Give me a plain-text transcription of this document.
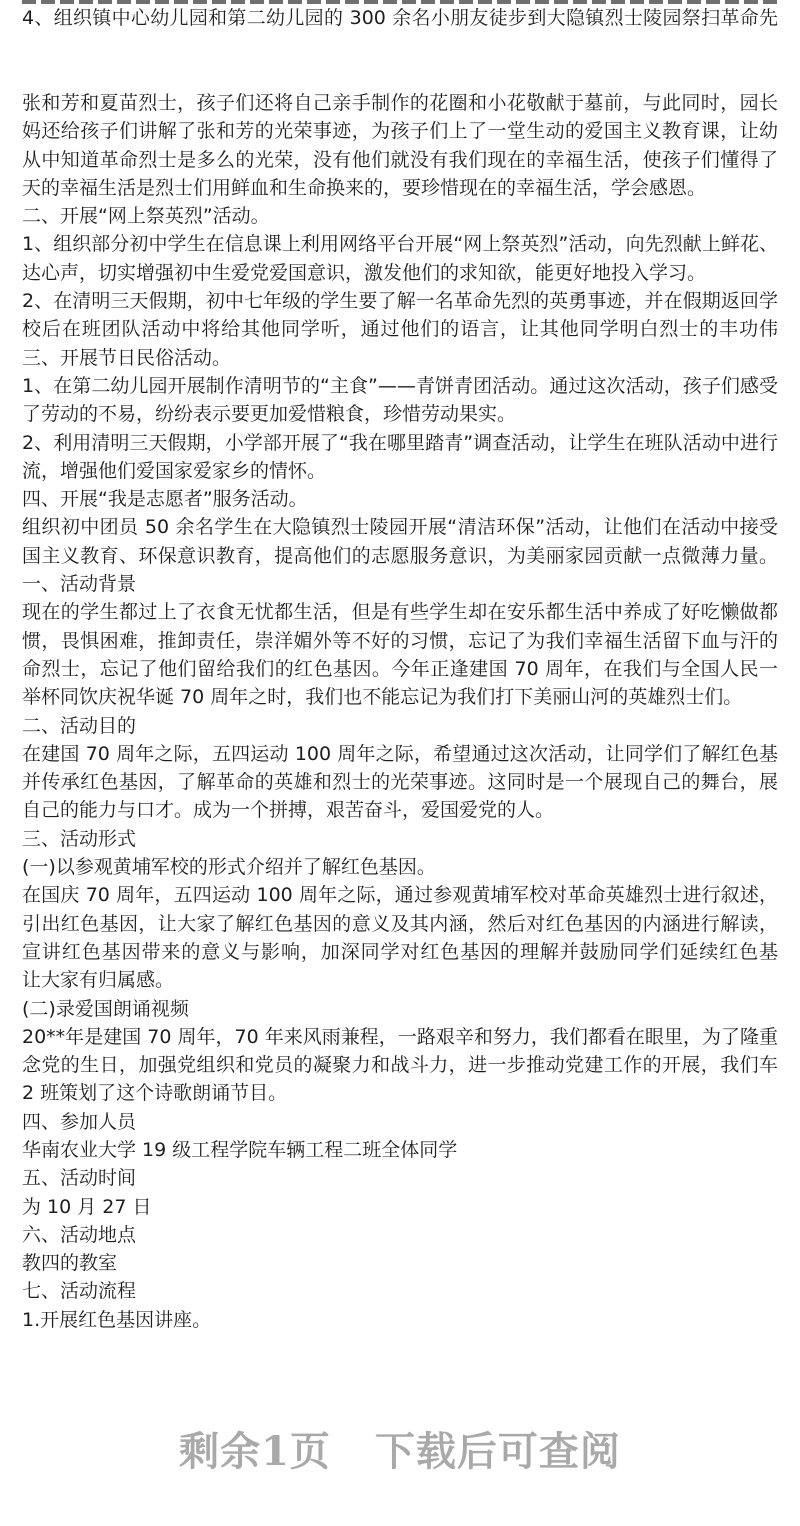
4、组织镇中心幼儿园和第二幼儿园的 300 余名小朋友徒步到大隐镇烈士陵园祭扫革命先
张和芳和夏苗烈士，孩子们还将自己亲手制作的花圈和小花敬献于墓前，与此同时，园长
妈还给孩子们讲解了张和芳的光荣事迹，为孩子们上了一堂生动的爱国主义教育课，让幼
从中知道革命烈士是多么的光荣，没有他们就没有我们现在的幸福生活，使孩子们懂得了
天的幸福生活是烈士们用鲜血和生命换来的，要珍惜现在的幸福生活，学会感恩。
二、开展“网上祭英烈”活动。
1、组织部分初中学生在信息课上利用网络平台开展“网上祭英烈”活动，向先烈献上鲜花、
达心声，切实增强初中生爱党爱国意识，激发他们的求知欲，能更好地投入学习。
2、在清明三天假期，初中七年级的学生要了解一名革命先烈的英勇事迹，并在假期返回学
校后在班团队活动中将给其他同学听，通过他们的语言，让其他同学明白烈士的丰功伟
三、开展节日民俗活动。
1、在第二幼儿园开展制作清明节的“主食”——青饼青团活动。通过这次活动，孩子们感受
了劳动的不易，纷纷表示要更加爱惜粮食，珍惜劳动果实。
2、利用清明三天假期，小学部开展了“我在哪里踏青”调查活动，让学生在班队活动中进行
流，增强他们爱国家爱家乡的情怀。
四、开展“我是志愿者”服务活动。
组织初中团员 50 余名学生在大隐镇烈士陵园开展“清洁环保”活动，让他们在活动中接受
国主义教育、环保意识教育，提高他们的志愿服务意识，为美丽家园贡献一点微薄力量。
一、活动背景
现在的学生都过上了衣食无忧都生活，但是有些学生却在安乐都生活中养成了好吃懒做都
惯，畏惧困难，推卸责任，崇洋媚外等不好的习惯，忘记了为我们幸福生活留下血与汗的
命烈士，忘记了他们留给我们的红色基因。今年正逢建国 70 周年，在我们与全国人民一
举杯同饮庆祝华诞 70 周年之时，我们也不能忘记为我们打下美丽山河的英雄烈士们。
二、活动目的
在建国 70 周年之际，五四运动 100 周年之际，希望通过这次活动，让同学们了解红色基
并传承红色基因，了解革命的英雄和烈士的光荣事迹。这同时是一个展现自己的舞台，展
自己的能力与口才。成为一个拼搏，艰苦奋斗，爱国爱党的人。
三、活动形式
(一)以参观黄埔军校的形式介绍并了解红色基因。
在国庆 70 周年，五四运动 100 周年之际，通过参观黄埔军校对革命英雄烈士进行叙述，
引出红色基因，让大家了解红色基因的意义及其内涵，然后对红色基因的内涵进行解读，
宣讲红色基因带来的意义与影响，加深同学对红色基因的理解并鼓励同学们延续红色基
让大家有归属感。
(二)录爱国朗诵视频
20**年是建国 70 周年，70 年来风雨兼程，一路艰辛和努力，我们都看在眼里，为了隆重
念党的生日，加强党组织和党员的凝聚力和战斗力，进一步推动党建工作的开展，我们车
2 班策划了这个诗歌朗诵节目。
四、参加人员
华南农业大学 19 级工程学院车辆工程二班全体同学
五、活动时间
为 10 月 27 日
六、活动地点
教四的教室
七、活动流程
1.开展红色基因讲座。
剩余1页 下载后可查阅
